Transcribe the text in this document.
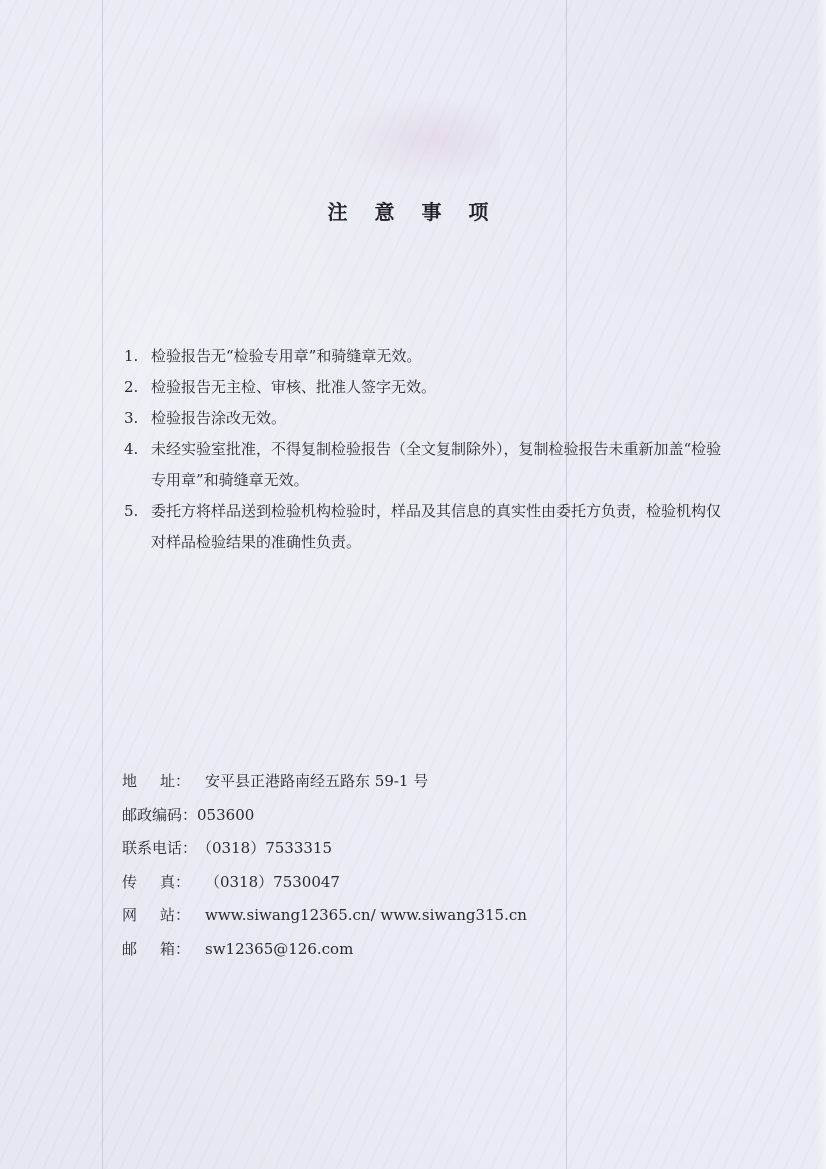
注 意 事 项
1. 检验报告无“检验专用章”和骑缝章无效。
2. 检验报告无主检、审核、批准人签字无效。
3. 检验报告涂改无效。
4. 未经实验室批准，不得复制检验报告（全文复制除外），复制检验报告未重新加盖“检验专用章”和骑缝章无效。
5. 委托方将样品送到检验机构检验时，样品及其信息的真实性由委托方负责，检验机构仅对样品检验结果的准确性负责。
地 址：	安平县正港路南经五路东 59-1 号
邮政编码： 053600
联系电话： （0318）7533315
传 真：	（0318）7530047
网 站：	www.siwang12365.cn/ www.siwang315.cn
邮 箱：	sw12365@126.com
